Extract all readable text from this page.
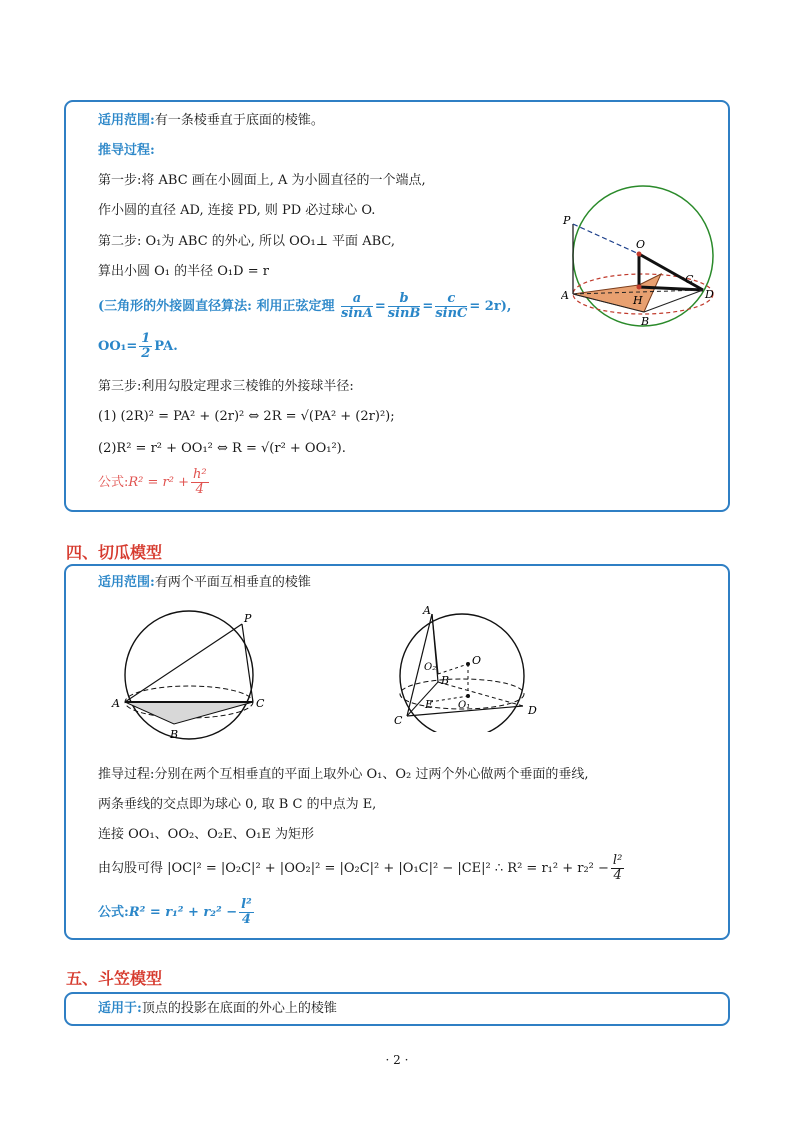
适用范围:有一条棱垂直于底面的棱锥。
推导过程:
第一步:将 ABC 画在小圆面上, A 为小圆直径的一个端点,
作小圆的直径 AD, 连接 PD, 则 PD 必过球心 O.
第二步: O₁为 ABC 的外心, 所以 OO₁⊥ 平面 ABC,
算出小圆 O₁ 的半径 O₁D = r
(三角形的外接圆直径算法: 利用正弦定理 $\frac{a}{\sin A} = \frac{b}{\sin B} = \frac{c}{\sin C} = 2r$),
$OO_1= \frac{1}{2}$ PA.
第三步:利用勾股定理求三棱锥的外接球半径:
(1) (2R)² = PA² + (2r)² ⇔ 2R = √(PA² + (2r)²);
(2)R² = r² + OO₁² ⇔ R = √(r² + OO₁²).
公式:R² = $r^2 + \frac{\text{h²}}{4}$
P
O
C
A	H	D
B
四、切瓜模型
适用范围:有两个平面互相垂直的棱锥
P
A	C
B
A
O₂
O
B
E O₁
C
D
推导过程:分别在两个互相垂直的平面上取外心 O₁、O₂ 过两个外心做两个垂面的垂线,
两条垂线的交点即为球心 0, 取 B C 的中点为 E,
连接 OO₁、OO₂、O₂E、O₁E 为矩形
由勾股可得 |OC|² = |O₂C|² + |OO₂|² = |O₂C|² + |O₁C|² − |CE|² ∴ $R^2 = r_1^2 + r_2^2 - \frac{\text{l²}}{4}$
公式:R² = $r_1^2 + r_2^2 - \frac{\text{l²}}{4}$
五、斗笠模型
适用于:顶点的投影在底面的外心上的棱锥
· 2 ·
